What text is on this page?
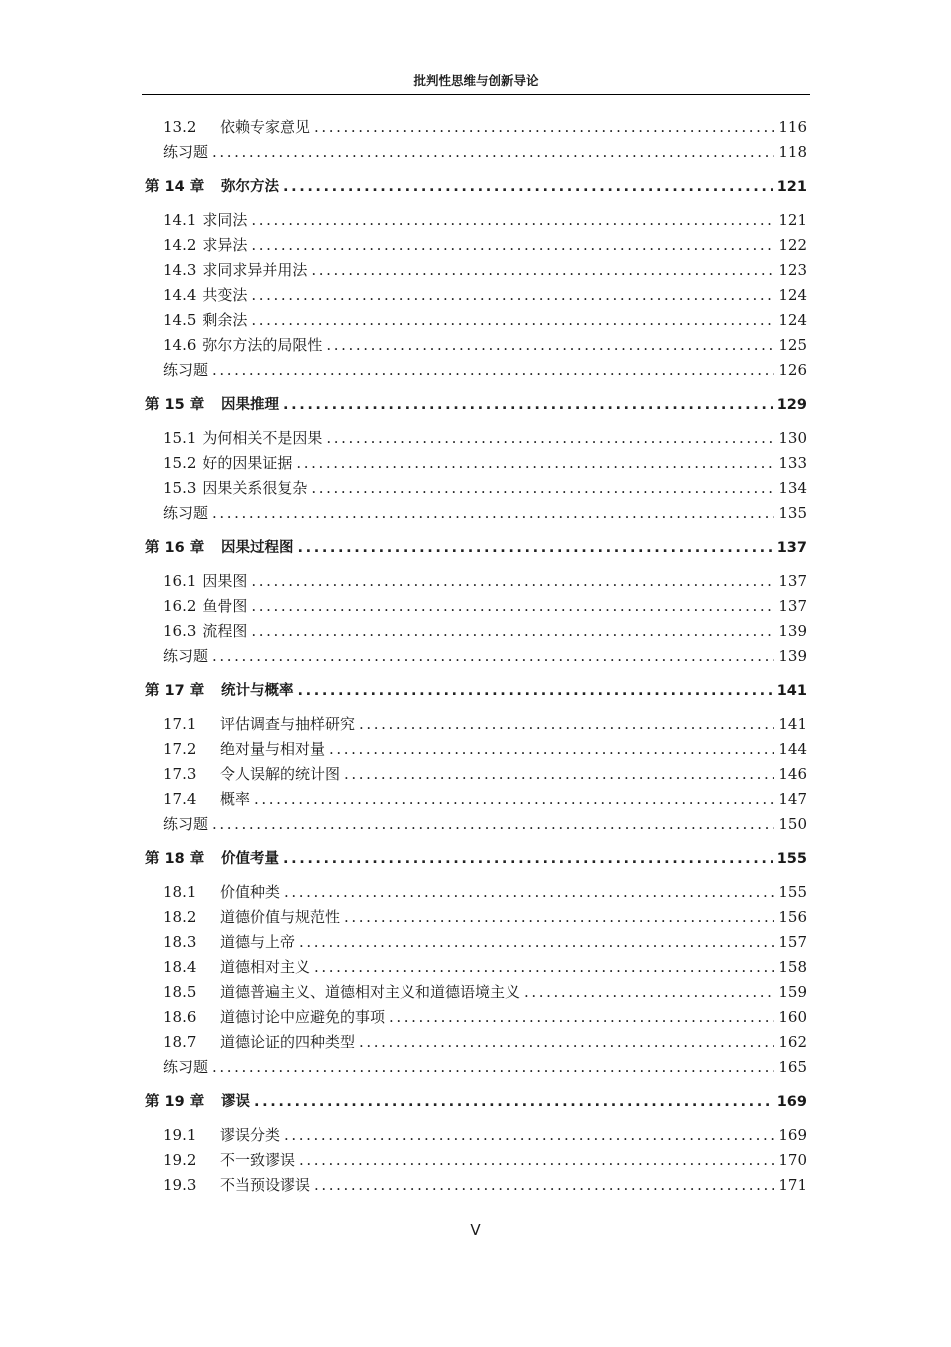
批判性思维与创新导论
13.2	依赖专家意见 .....	116
练习题 .....	118
第 14 章	弥尔方法 .....	121
14.1 求同法 .....	121
14.2 求异法 .....	122
14.3 求同求异并用法 .....	123
14.4 共变法 .....	124
14.5 剩余法 .....	124
14.6 弥尔方法的局限性 .....	125
练习题 .....	126
第 15 章	因果推理 .....	129
15.1 为何相关不是因果 .....	130
15.2 好的因果证据 .....	133
15.3 因果关系很复杂 .....	134
练习题 .....	135
第 16 章	因果过程图 .....	137
16.1 因果图 .....	137
16.2 鱼骨图 .....	137
16.3 流程图 .....	139
练习题 .....	139
第 17 章	统计与概率 .....	141
17.1	评估调查与抽样研究 .....	141
17.2	绝对量与相对量 .....	144
17.3	令人误解的统计图 .....	146
17.4	概率 .....	147
练习题 .....	150
第 18 章	价值考量 .....	155
18.1	价值种类 .....	155
18.2	道德价值与规范性 .....	156
18.3	道德与上帝 .....	157
18.4	道德相对主义 .....	158
18.5	道德普遍主义、道德相对主义和道德语境主义 .....	159
18.6	道德讨论中应避免的事项 .....	160
18.7	道德论证的四种类型 .....	162
练习题 .....	165
第 19 章	谬误 .....	169
19.1	谬误分类 .....	169
19.2	不一致谬误 .....	170
19.3	不当预设谬误 .....	171
V
